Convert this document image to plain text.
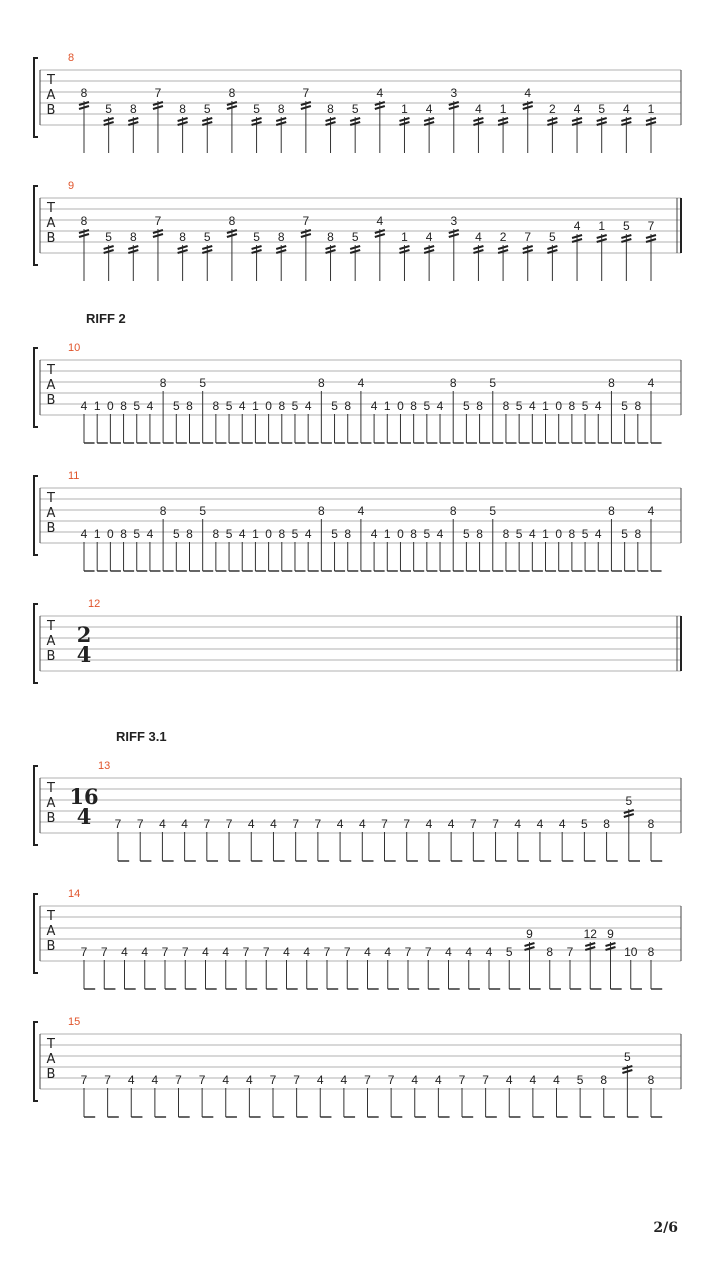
8
T
A
B
8
5 8
7
8 5
8
5 8
7
8 5
4
1 4
3
4 1
4
2 4 5 4 1
9
T
A
B
8
5 8
7
8 5
8
5 8
7
8 5
4
1 4
3
4 2 7 5
4 1 5 7
10
T
A
B 4 1 0 8 5 4
8
5 8
5
8 5 4 1 0 8 5 4
8
5 8
4
4 1 0 8 5 4
8
5 8
5
8 5 4 1 0 8 5 4
8
5 8
4
11
T
A
B 4 1 0 8 5 4
8
5 8
5
8 5 4 1 0 8 5 4
8
5 8
4
4 1 0 8 5 4
8
5 8
5
8 5 4 1 0 8 5 4
8
5 8
4
12
T
A
B
2
4
13
T
A
B
16
4 7 7 4 4 7 7 4 4 7 7 4 4 7 7 4 4 7 7 4 4 4 5 8
5
8
14
T
A
B 7 7 4 4 7 7 4 4 7 7 4 4 7 7 4 4 7 7 4 4 4 5
9
8 7
12 9
10 8
15
T
A
B 7 7 4 4 7 7 4 4 7 7 4 4 7 7 4 4 7 7 4 4 4 5 8
5
8
RIFF 2
RIFF 3.1
2/6
